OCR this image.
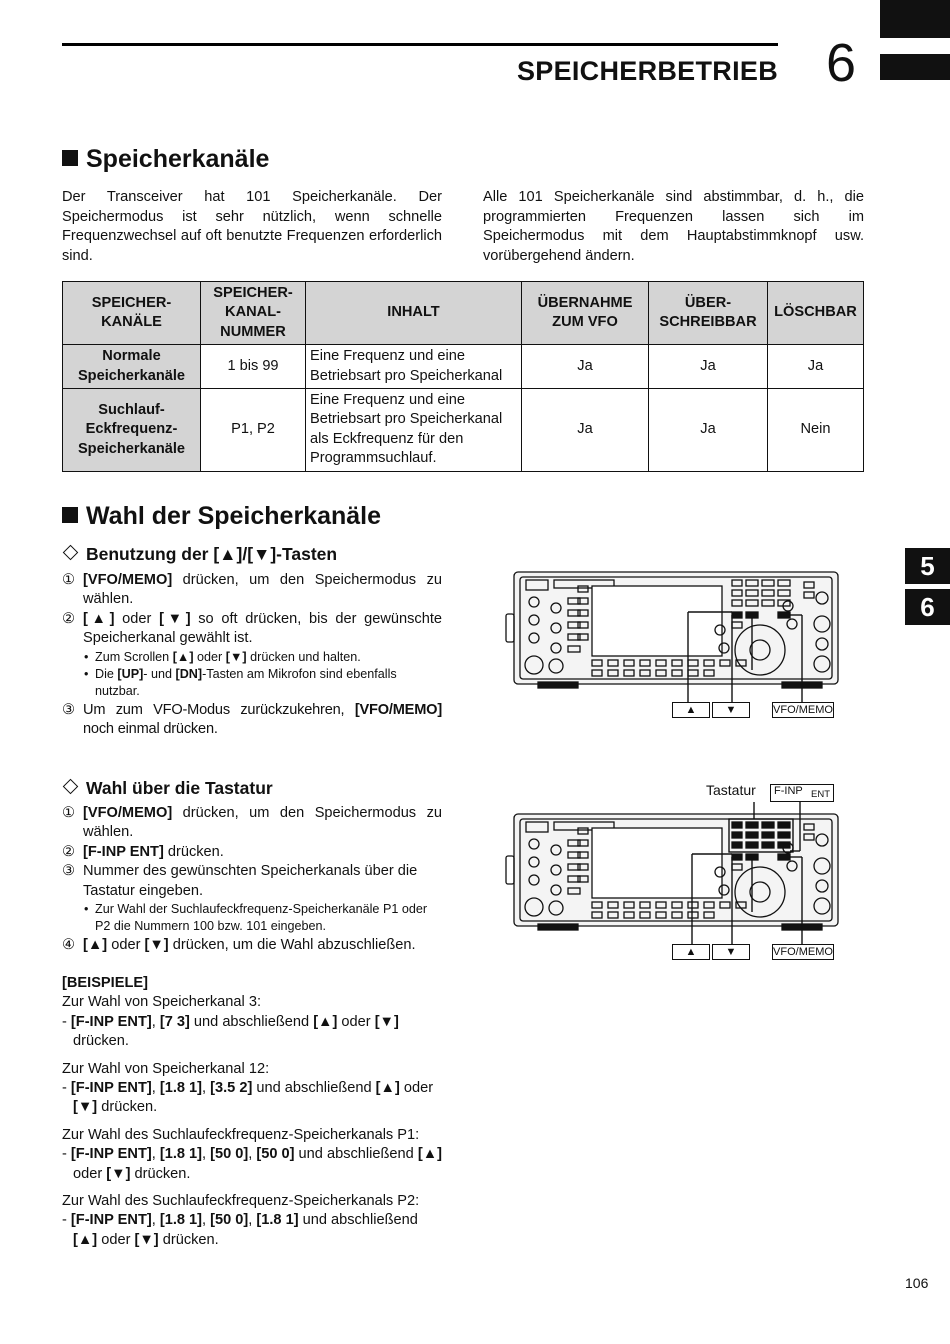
SPEICHERBETRIEB 6
5
6
Speicherkanäle
Der Transceiver hat 101 Speicherkanäle. Der Speichermodus ist sehr nützlich, wenn schnelle Frequenzwechsel auf oft benutzte Frequenzen erforderlich sind.
Alle 101 Speicherkanäle sind abstimmbar, d. h., die programmierten Frequenzen lassen sich im Speichermodus mit dem Hauptabstimmknopf usw. vorübergehend ändern.
SPEICHER-KANÄLE	SPEICHER-KANAL-NUMMER	INHALT	ÜBERNAHME ZUM VFO	ÜBER-SCHREIBBAR	LÖSCHBAR
Normale Speicherkanäle	1 bis 99	Eine Frequenz und eine Betriebsart pro Speicherkanal	Ja	Ja	Ja
Suchlauf-Eckfrequenz-Speicherkanäle	P1, P2	Eine Frequenz und eine Betriebsart pro Speicherkanal als Eckfrequenz für den Programmsuchlauf.	Ja	Ja	Nein
Wahl der Speicherkanäle
Benutzung der [▲]/[▼]-Tasten
① [VFO/MEMO] drücken, um den Speichermodus zu wählen.
② [▲] oder [▼] so oft drücken, bis der gewünschte Speicherkanal gewählt ist.
• Zum Scrollen [▲] oder [▼] drücken und halten.
• Die [UP]- und [DN]-Tasten am Mikrofon sind ebenfalls nutzbar.
③ Um zum VFO-Modus zurückzukehren, [VFO/MEMO] noch einmal drücken.
▲	▼	VFO/MEMO
Wahl über die Tastatur
① [VFO/MEMO] drücken, um den Speichermodus zu wählen.
② [F-INP ENT] drücken.
③ Nummer des gewünschten Speicherkanals über die Tastatur eingeben.
• Zur Wahl der Suchlaufeckfrequenz-Speicherkanäle P1 oder P2 die Nummern 100 bzw. 101 eingeben.
④ [▲] oder [▼] drücken, um die Wahl abzuschließen.
[BEISPIELE]
Zur Wahl von Speicherkanal 3:
- [F-INP ENT], [7 3] und abschließend [▲] oder [▼] drücken.
Zur Wahl von Speicherkanal 12:
- [F-INP ENT], [1.8 1], [3.5 2] und abschließend [▲] oder [▼] drücken.
Zur Wahl des Suchlaufeckfrequenz-Speicherkanals P1:
- [F-INP ENT], [1.8 1], [50 0], [50 0] und abschließend [▲] oder [▼] drücken.
Zur Wahl des Suchlaufeckfrequenz-Speicherkanals P2:
- [F-INP ENT], [1.8 1], [50 0], [1.8 1] und abschließend [▲] oder [▼] drücken.
Tastatur F-INP ENT
▲	▼	VFO/MEMO
106
